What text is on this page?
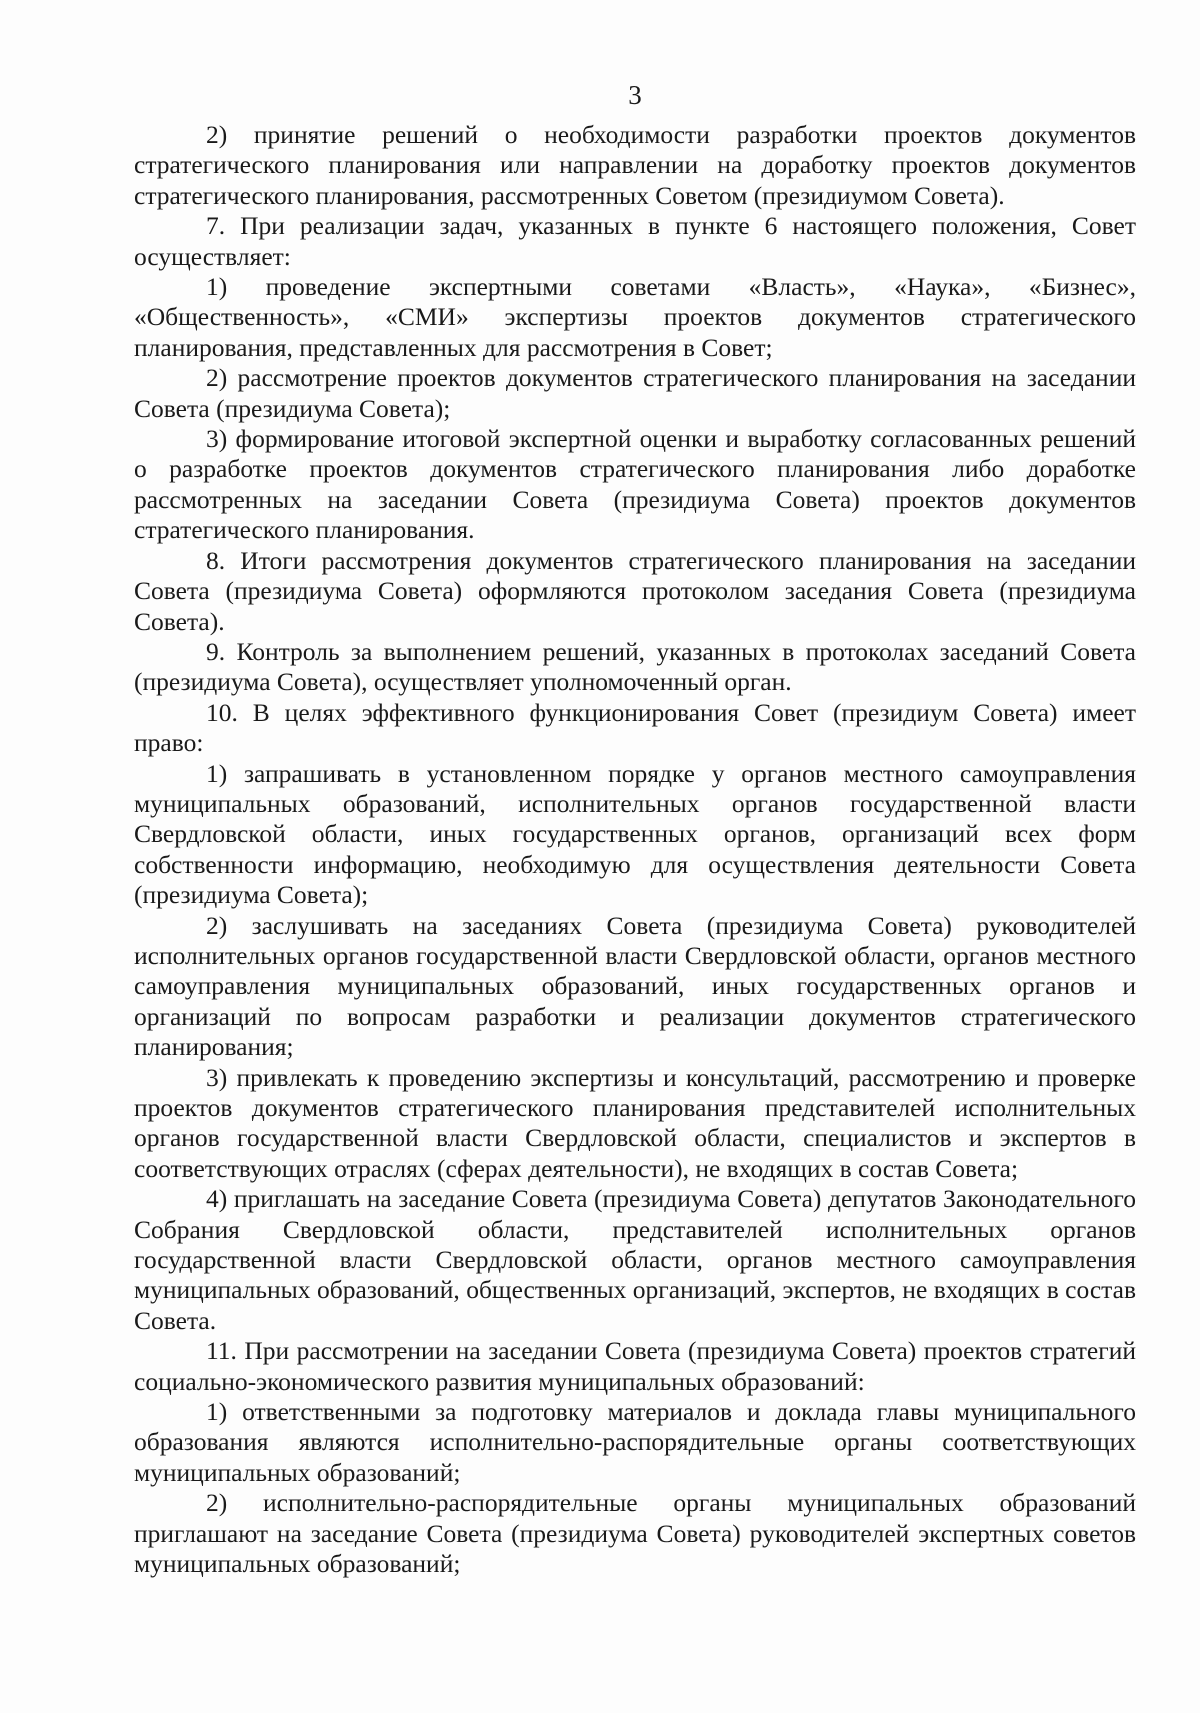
3

2) принятие решений о необходимости разработки проектов документов стратегического планирования или направлении на доработку проектов документов стратегического планирования, рассмотренных Советом (президиумом Совета).

7. При реализации задач, указанных в пункте 6 настоящего положения, Совет осуществляет:

1) проведение экспертными советами «Власть», «Наука», «Бизнес», «Общественность», «СМИ» экспертизы проектов документов стратегического планирования, представленных для рассмотрения в Совет;

2) рассмотрение проектов документов стратегического планирования на заседании Совета (президиума Совета);

3) формирование итоговой экспертной оценки и выработку согласованных решений о разработке проектов документов стратегического планирования либо доработке рассмотренных на заседании Совета (президиума Совета) проектов документов стратегического планирования.

8. Итоги рассмотрения документов стратегического планирования на заседании Совета (президиума Совета) оформляются протоколом заседания Совета (президиума Совета).

9. Контроль за выполнением решений, указанных в протоколах заседаний Совета (президиума Совета), осуществляет уполномоченный орган.

10. В целях эффективного функционирования Совет (президиум Совета) имеет право:

1) запрашивать в установленном порядке у органов местного самоуправления муниципальных образований, исполнительных органов государственной власти Свердловской области, иных государственных органов, организаций всех форм собственности информацию, необходимую для осуществления деятельности Совета (президиума Совета);

2) заслушивать на заседаниях Совета (президиума Совета) руководителей исполнительных органов государственной власти Свердловской области, органов местного самоуправления муниципальных образований, иных государственных органов и организаций по вопросам разработки и реализации документов стратегического планирования;

3) привлекать к проведению экспертизы и консультаций, рассмотрению и проверке проектов документов стратегического планирования представителей исполнительных органов государственной власти Свердловской области, специалистов и экспертов в соответствующих отраслях (сферах деятельности), не входящих в состав Совета;

4) приглашать на заседание Совета (президиума Совета) депутатов Законодательного Собрания Свердловской области, представителей исполнительных органов государственной власти Свердловской области, органов местного самоуправления муниципальных образований, общественных организаций, экспертов, не входящих в состав Совета.

11. При рассмотрении на заседании Совета (президиума Совета) проектов стратегий социально-экономического развития муниципальных образований:

1) ответственными за подготовку материалов и доклада главы муниципального образования являются исполнительно-распорядительные органы соответствующих муниципальных образований;

2) исполнительно-распорядительные органы муниципальных образований приглашают на заседание Совета (президиума Совета) руководителей экспертных советов муниципальных образований;
